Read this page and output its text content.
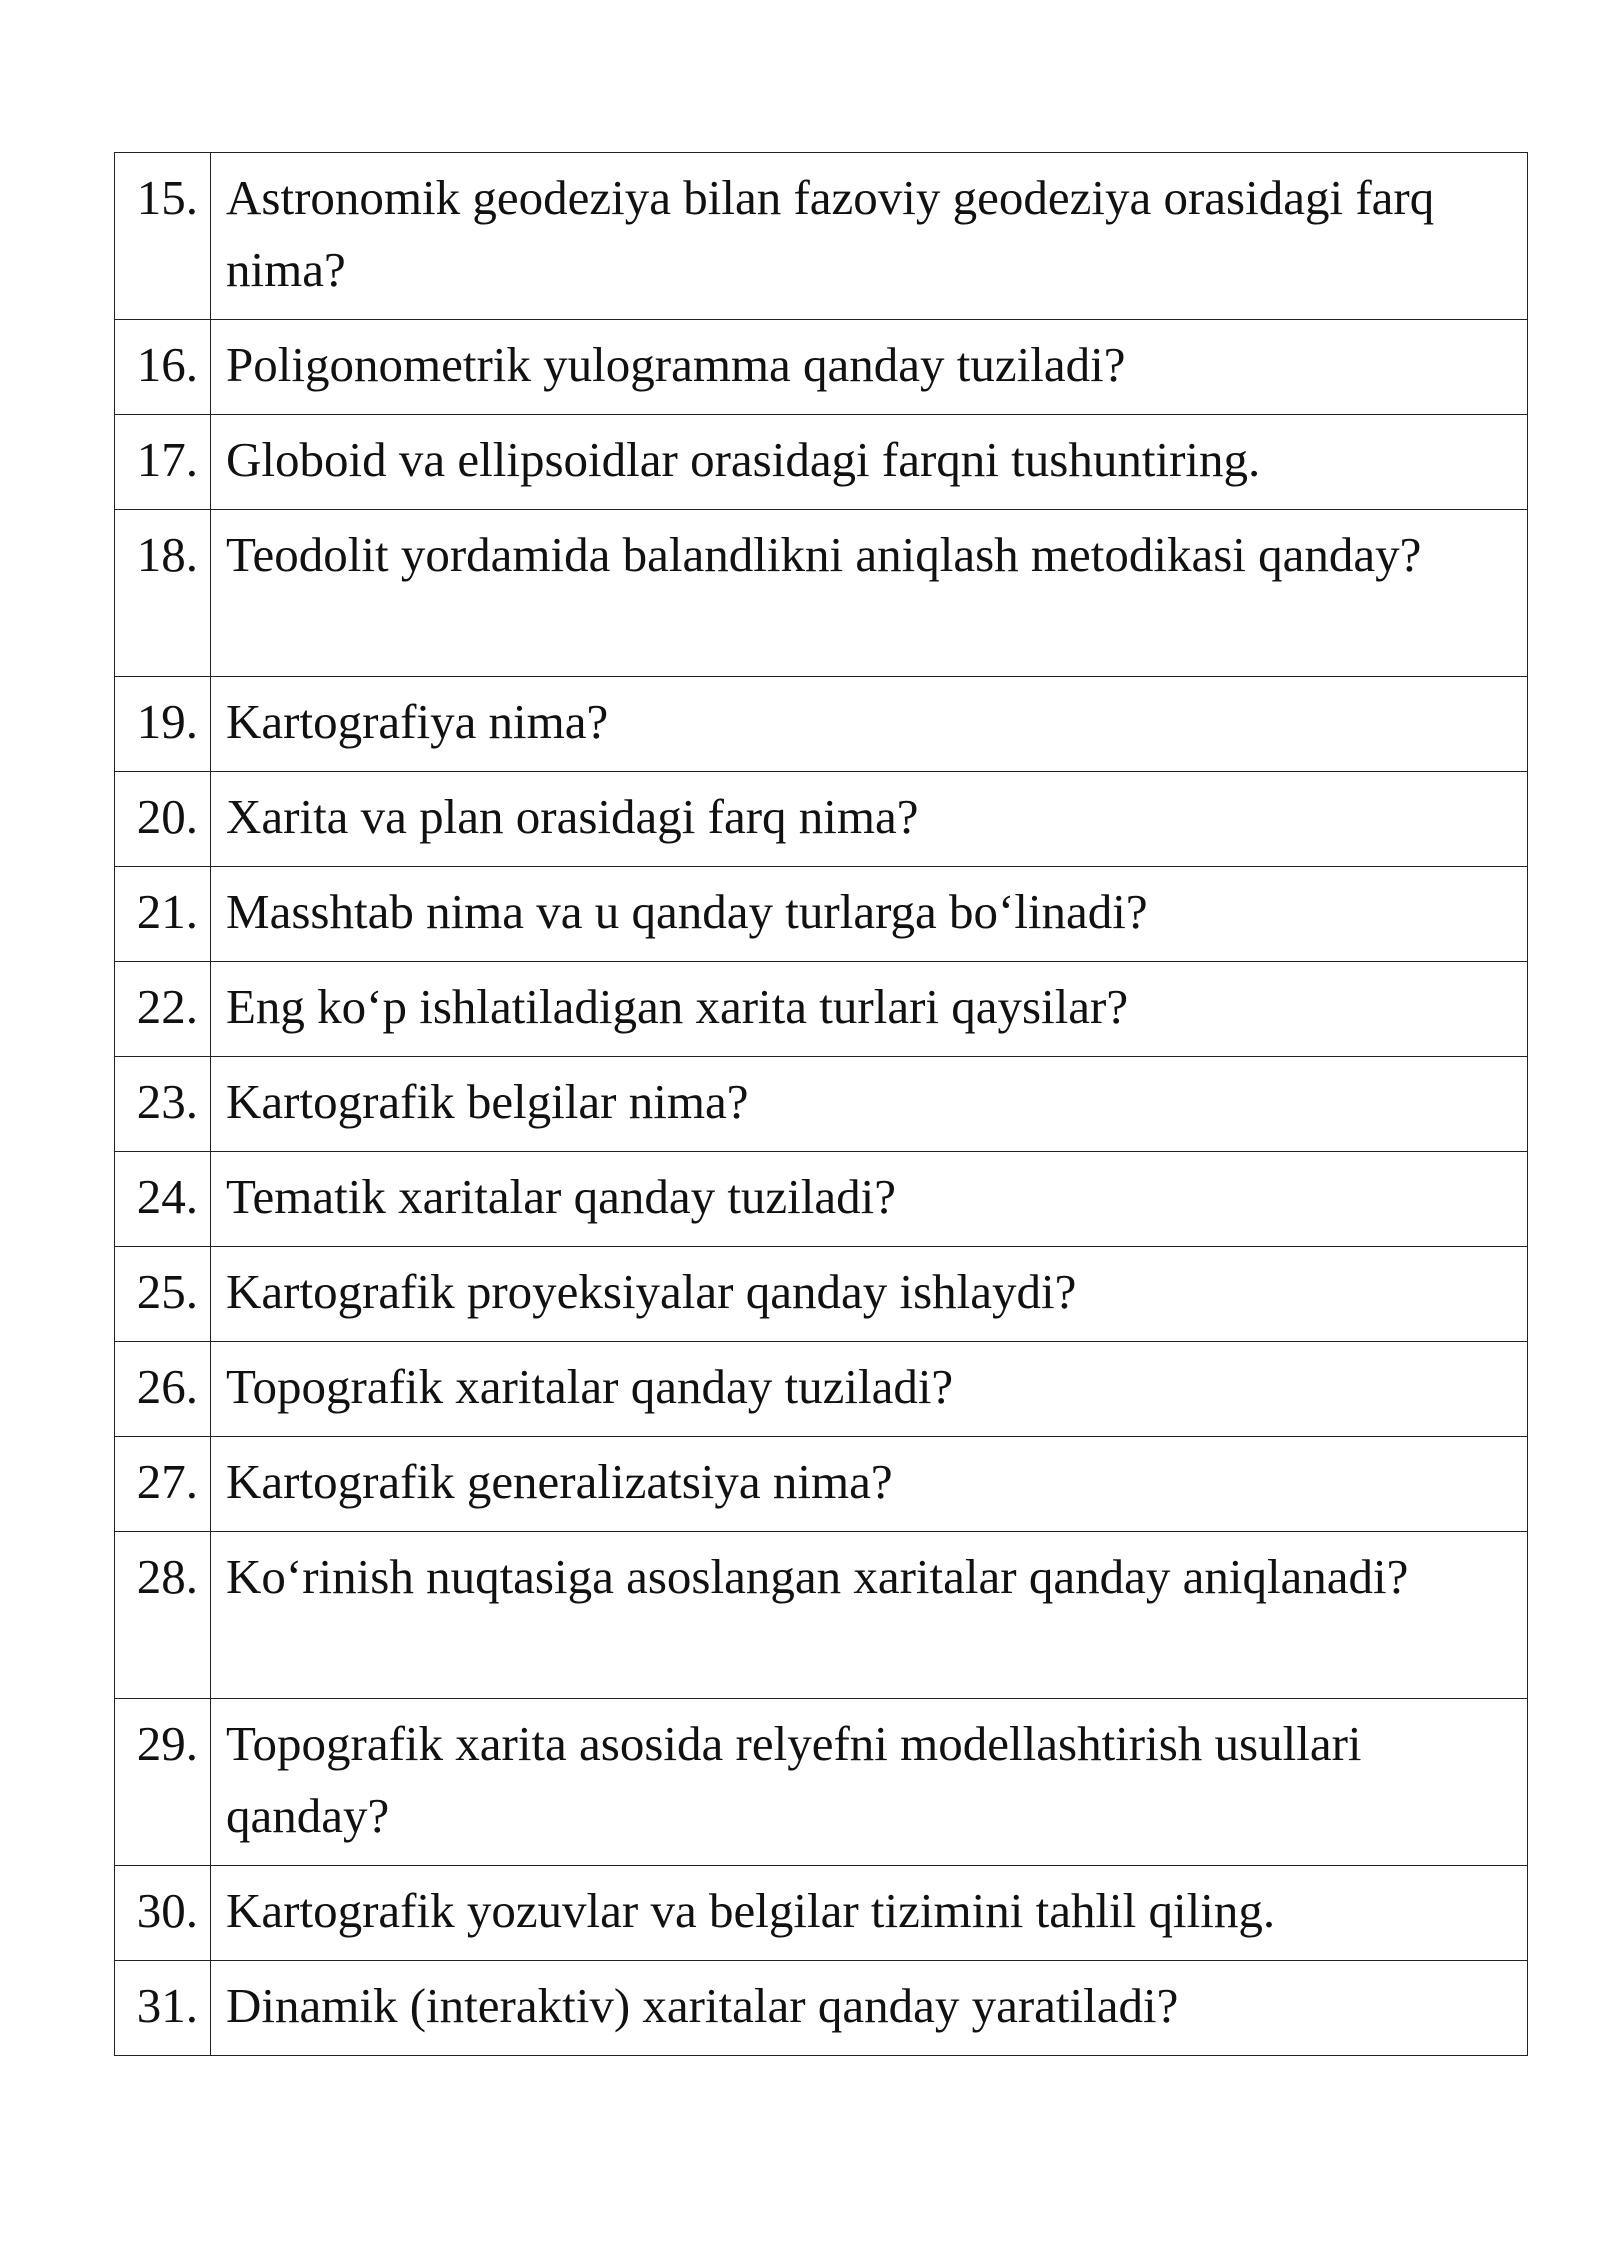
15.	Astronomik geodeziya bilan fazoviy geodeziya orasidagi farq nima?
16.	Poligonometrik yulogramma qanday tuziladi?
17.	Globoid va ellipsoidlar orasidagi farqni tushuntiring.
18.	Teodolit yordamida balandlikni aniqlash metodikasi qanday?
19.	Kartografiya nima?
20.	Xarita va plan orasidagi farq nima?
21.	Masshtab nima va u qanday turlarga bo‘linadi?
22.	Eng ko‘p ishlatiladigan xarita turlari qaysilar?
23.	Kartografik belgilar nima?
24.	Tematik xaritalar qanday tuziladi?
25.	Kartografik proyeksiyalar qanday ishlaydi?
26.	Topografik xaritalar qanday tuziladi?
27.	Kartografik generalizatsiya nima?
28.	Ko‘rinish nuqtasiga asoslangan xaritalar qanday aniqlanadi?
29.	Topografik xarita asosida relyefni modellashtirish usullari qanday?
30.	Kartografik yozuvlar va belgilar tizimini tahlil qiling.
31.	Dinamik (interaktiv) xaritalar qanday yaratiladi?
